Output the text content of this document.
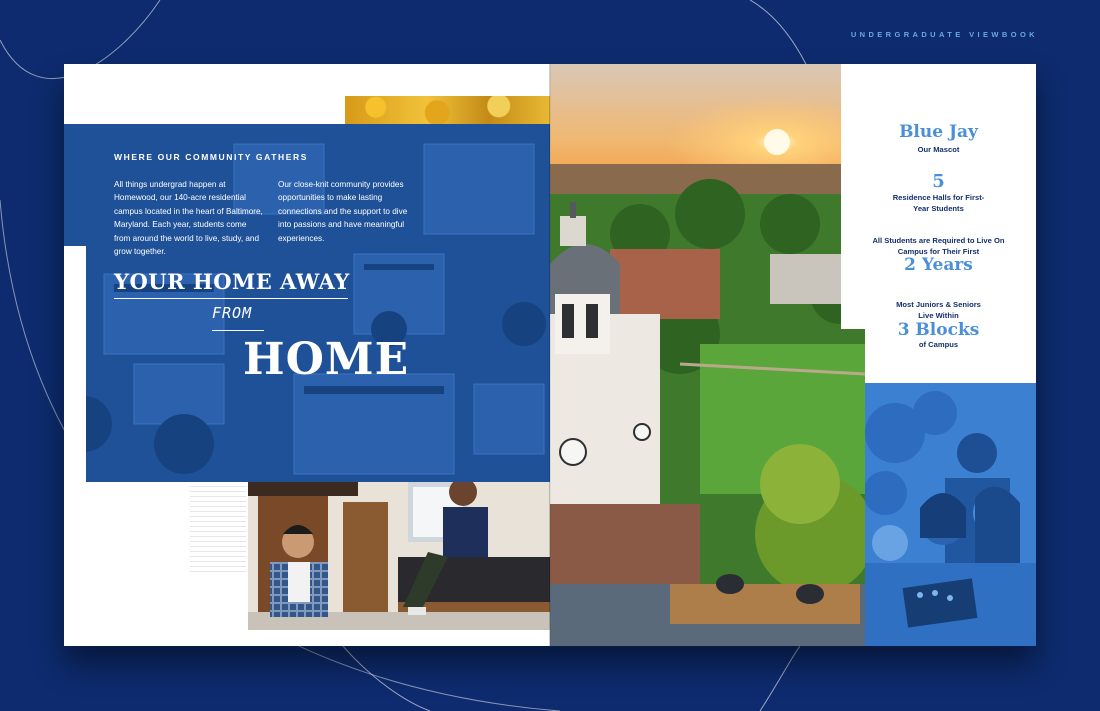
UNDERGRADUATE VIEWBOOK
WHERE OUR COMMUNITY GATHERS
All things undergrad happen at Homewood, our 140-acre residential campus located in the heart of Baltimore, Maryland. Each year, students come from around the world to live, study, and grow together.
Our close-knit community provides opportunities to make lasting connections and the support to dive into passions and have meaningful experiences.
YOUR HOME AWAY
FROM
HOME
Blue Jay
Our Mascot
5
Residence Halls for First-Year Students
All Students are Required to Live On Campus for Their First
2 Years
Most Juniors & Seniors Live Within
3 Blocks
of Campus
